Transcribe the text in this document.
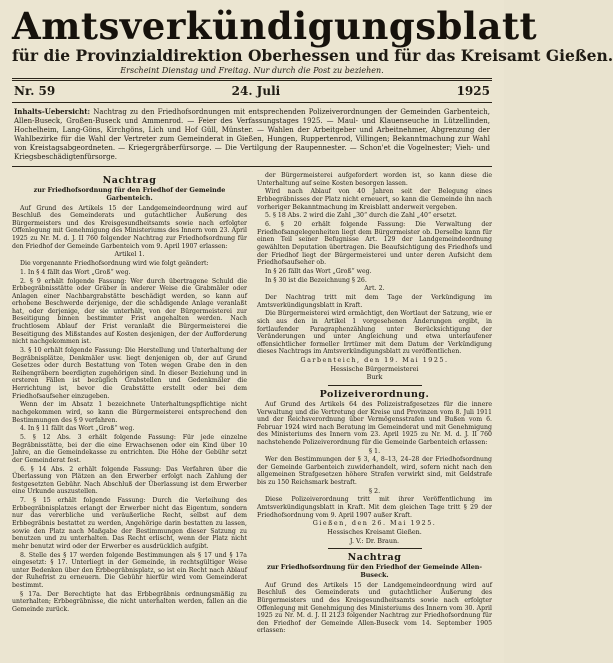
Amtsverkündigungsblatt
für die Provinzialdirektion Oberhessen und für das Kreisamt Gießen.
Erscheint Dienstag und Freitag. Nur durch die Post zu beziehen.
Nr. 59	24. Juli	1925
Inhalts-Uebersicht: Nachtrag zu den Friedhofsordnungen mit entsprechenden Polizeiverordnungen der Gemeinden Garbenteich, Allen-Buseck, Großen-Buseck und Ammenrod. — Feier des Verfassungstages 1925. — Maul- und Klauenseuche in Lützellinden, Hochelheim, Lang-Göns, Kirchgöns, Lich und Hof Güll, Münster. — Wahlen der Arbeitgeber und Arbeitnehmer, Abgrenzung der Wahlbezirke für die Wahl der Vertreter zum Gemeinderat in Gießen, Hungen, Ruppertenrod, Villingen; Bekanntmachung zur Wahl von Kreistagsabgeordneten. — Kriegergräberfürsorge. — Die Vertilgung der Raupennester. — Schon'et die Vogelnester; Vieh- und Kriegsbeschädigtenfürsorge.
Nachtrag
zur Friedhofsordnung für den Friedhof der Gemeinde Garbenteich.

Auf Grund des Artikels 15 der Landgemeindeordnung wird auf Beschluß des Gemeinderats und gutachtlicher Äußerung des Bürgermeisters und des Kreisgesundheitsamts sowie nach erfolgter Offenlegung mit Genehmigung des Ministeriums des Innern vom 23. April 1925 zu Nr. M. d. J. II 760 folgender Nachtrag zur Friedhofsordnung für den Friedhof der Gemeinde Garbenteich vom 9. April 1907 erlassen:

Artikel 1.

Die vorgenannte Friedhofsordnung wird wie folgt geändert:

1. In § 4 fällt das Wort „Groß“ weg.

2. § 9 erhält folgende Fassung: Wer durch übertragene Schuld die Erbbegräbnisstätte oder Gräber in anderer Weise die Grabmäler oder Anlagen einer Nachbargrabstätte beschädigt werden, so kann auf erhobene Beschwerde derjenige, der die schädigende Anlage veranlaßt hat, oder derjenige, der sie unterhält, von der Bürgermeisterei zur Beseitigung binnen bestimmter Frist angehalten werden. Nach fruchtlosem Ablauf der Frist veranlaßt die Bürgermeisterei die Beseitigung des Mißstandes auf Kosten desjenigen, der der Aufforderung nicht nachgekommen ist.

3. § 10 erhält folgende Fassung: Die Herstellung und Unterhaltung der Begräbnisplätze, Denkmäler usw. liegt denjenigen ob, der auf Grund Gesetzes oder durch Bestattung von Toten wegen Grabe den in den Reihengräbern beerdigten zugehörigen sind. In dieser Beziehung und in ersteren Fällen ist bezüglich Grabstellen und Gedenkmäler die Herrichtung ist, bevor die Grabstätte erstellt oder bei dem Friedhofsaufseher einzugeben.

Wenn der im Absatz 1 bezeichnete Unterhaltungspflichtige nicht nachgekommen wird, so kann die Bürgermeisterei entsprechend den Bestimmungen des § 9 verfahren.

4. In § 11 fällt das Wort „Groß“ weg.

5. § 12 Abs. 3 erhält folgende Fassung: Für jede einzelne Begräbnisstätte, bei der die eine Erwachsenen oder ein Kind über 10 Jahre, an die Gemeindekasse zu entrichten. Die Höhe der Gebühr setzt der Gemeinderat fest.

6. § 14 Abs. 2 erhält folgende Fassung: Das Verfahren über die Überlassung von Plätzen an den Erwerber erfolgt nach Zahlung der festgesetzten Gebühr. Nach Abschluß der Überlassung ist dem Erwerber eine Urkunde auszustellen.

7. § 15 erhält folgende Fassung: Durch die Verleihung des Erbbegräbnisplatzes erlangt der Erwerber nicht das Eigentum, sondern nur das vererbliche und veräußerliche Recht, selbst auf dem Erbbegräbnis bestattet zu werden, Angehörige darin bestatten zu lassen, sowie den Platz nach Maßgabe der Bestimmungen dieser Satzung zu benutzen und zu unterhalten. Das Recht erlischt, wenn der Platz nicht mehr benutzt wird oder der Erwerber es ausdrücklich aufgibt.

8. Stelle des § 17 werden folgende Bestimmungen als § 17 und § 17a eingesetzt: § 17. Unterliegt in der Gemeinde, in rechtsgültiger Weise unter Bedenken über den Erbbegräbnisplatz, so ist ein Recht nach Ablauf der Ruhefrist zu erneuern. Die Gebühr hierfür wird vom Gemeinderat bestimmt.

§ 17a. Der Berechtigte hat das Erbbegräbnis ordnungsmäßig zu unterhalten; Erbbegräbnisse, die nicht unterhalten werden, fallen an die Gemeinde zurück.

der Bürgermeisterei aufgefordert worden ist, so kann diese die Unterhaltung auf seine Kosten besorgen lassen.

Wird nach Ablauf von 40 Jahren seit der Belegung eines Erbbegräbnisses der Platz nicht erneuert, so kann die Gemeinde ihn nach vorheriger Bekanntmachung im Kreisblatt anderweit vergeben.

5. § 18 Abs. 2 wird die Zahl „30“ durch die Zahl „40“ ersetzt.

6. § 20 erhält folgende Fassung: Die Verwaltung der Friedhofsangelegenheiten liegt dem Bürgermeister ob. Derselbe kann für einen Teil seiner Befugnisse Art. 129 der Landgemeindeordnung gewählten Deputation übertragen. Die Beaufsichtigung des Friedhofs und der Friedhof liegt der Bürgermeisterei und unter deren Aufsicht dem Friedhofsaufseher ob.

In § 26 fällt das Wort „Groß“ weg.

In § 30 ist die Bezeichnung § 26.

Art. 2.

Der Nachtrag tritt mit dem Tage der Verkündigung im Amtsverkündigungsblatt in Kraft.

Die Bürgermeisterei wird ermächtigt, den Wortlaut der Satzung, wie er sich aus den in Artikel 1 vorgesehenen Änderungen ergibt, in fortlaufender Paragraphenzählung unter Berücksichtigung der Veränderungen und unter Angleichung und etwa unterlaufener offensichtlicher formeller Irrtümer mit dem Datum der Verkündigung dieses Nachtrags im Amtsverkündigungsblatt zu veröffentlichen.

Garbenteich, den 19. Mai 1925.
Hessische Bürgermeisterei
Burk
Polizeiverordnung.

Auf Grund des Artikels 64 des Polizeistrafgesetzes für die innere Verwaltung und die Vertretung der Kreise und Provinzen vom 8. Juli 1911 und der Reichsverordnung über Vermögensstrafen und Bußen vom 6. Februar 1924 wird nach Beratung im Gemeinderat und mit Genehmigung des Ministeriums des Innern vom 23. April 1925 zu Nr. M. d. J. II 760 nachstehende Polizeiverordnung für die Gemeinde Garbenteich erlassen:

§ 1.

Wer den Bestimmungen der § 3, 4, 8–13, 24–28 der Friedhofsordnung der Gemeinde Garbenteich zuwiderhandelt, wird, sofern nicht nach den allgemeinen Strafgesetzen höhere Strafen verwirkt sind, mit Geldstrafe bis zu 150 Reichsmark bestraft.

§ 2.

Diese Polizeiverordnung tritt mit ihrer Veröffentlichung im Amtsverkündigungsblatt in Kraft. Mit dem gleichen Tage tritt § 29 der Friedhofsordnung vom 9. April 1907 außer Kraft.

Gießen, den 26. Mai 1925.
Hessisches Kreisamt Gießen.
J. V.: Dr. Braun.
Nachtrag
zur Friedhofsordnung für den Friedhof der Gemeinde Allen-Buseck.

Auf Grund des Artikels 15 der Landgemeindeordnung wird auf Beschluß des Gemeinderats und gutachtlicher Äußerung des Bürgermeisters und des Kreisgesundheitsamts sowie nach erfolgter Offenlegung mit Genehmigung des Ministeriums des Innern vom 30. April 1925 zu Nr. M. d. J. II 2123 folgender Nachtrag zur Friedhofsordnung für den Friedhof der Gemeinde Allen-Buseck vom 14. September 1905 erlassen:
